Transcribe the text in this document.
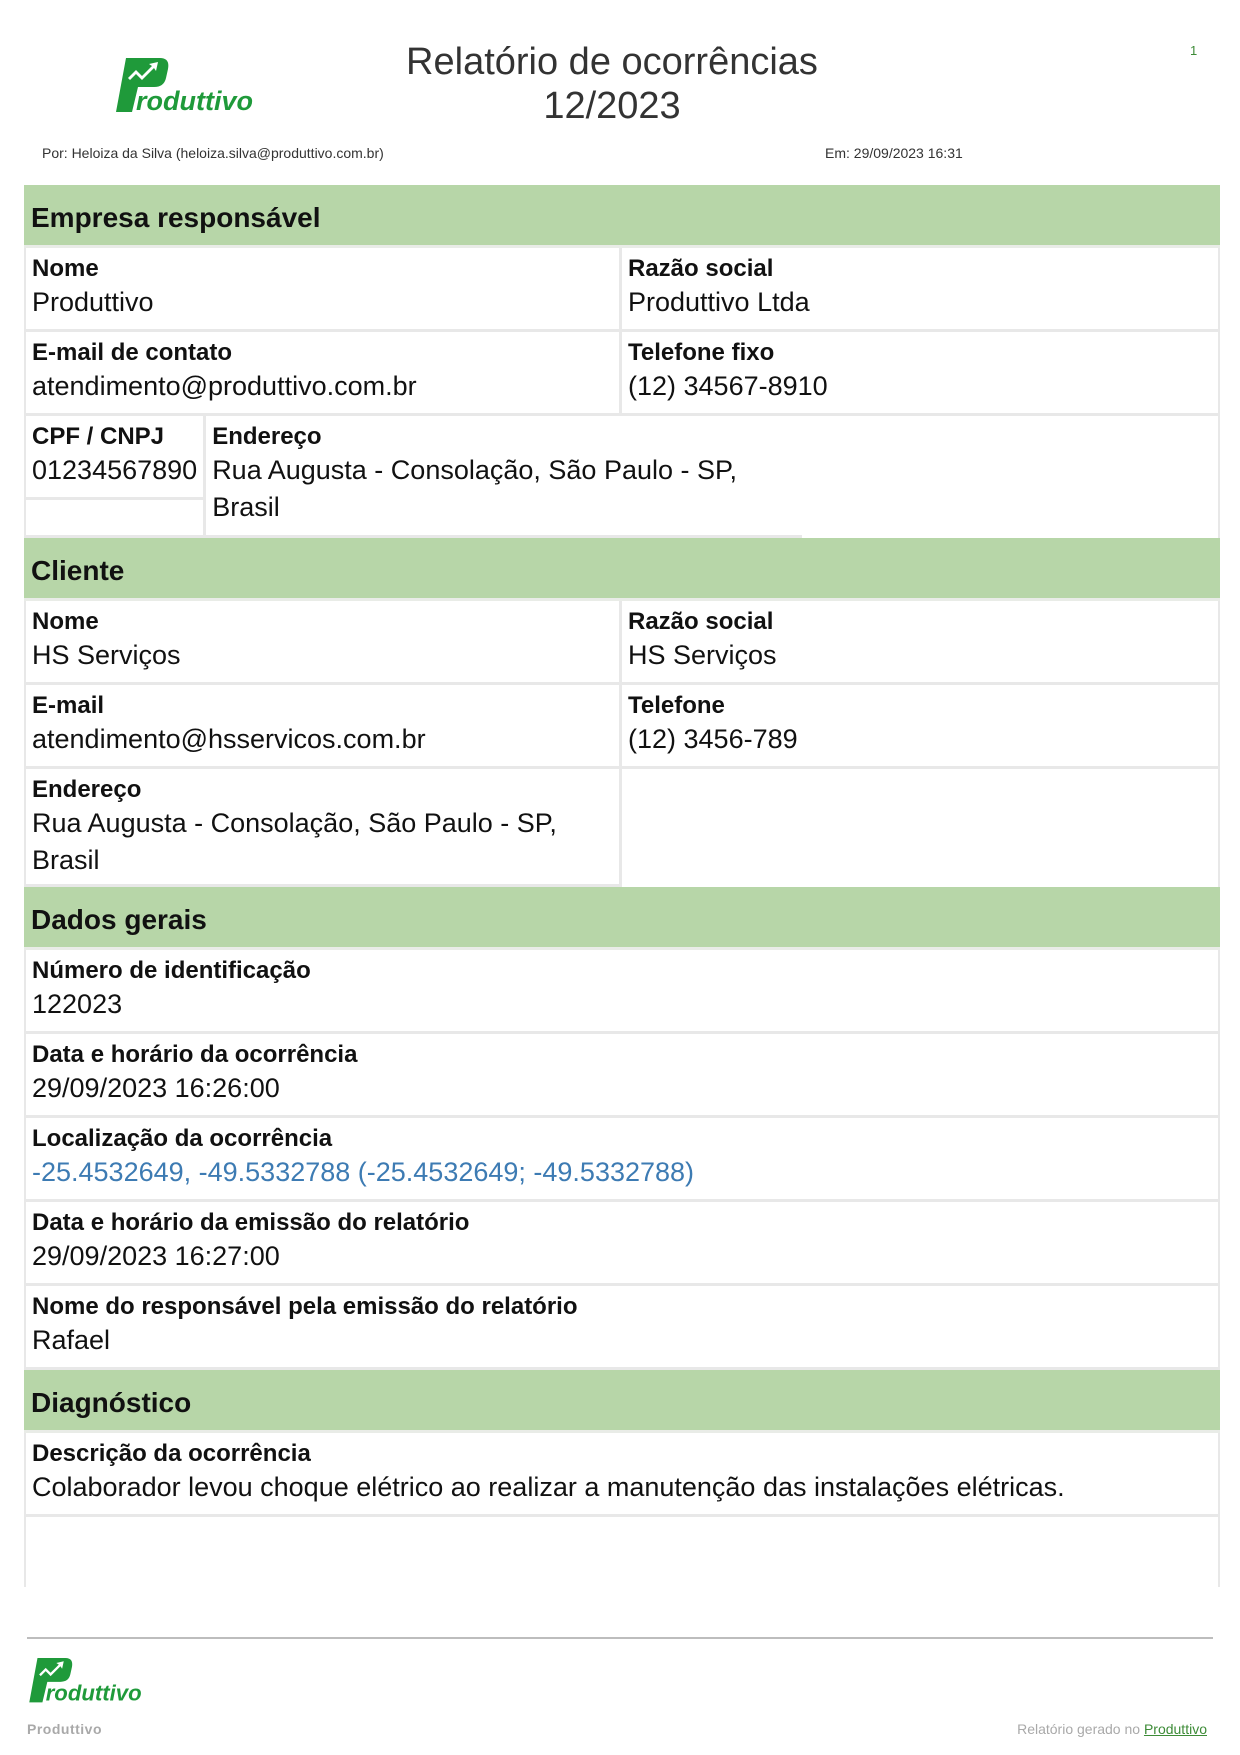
1
roduttivo
Relatório de ocorrências
12/2023
Por: Heloiza da Silva (heloiza.silva@produttivo.com.br)	Em: 29/09/2023 16:31
Empresa responsável
Nome
Produttivo
Razão social
Produttivo Ltda
E-mail de contato
atendimento@produttivo.com.br
Telefone fixo
(12) 34567-8910
CPF / CNPJ
01234567890
Endereço
Rua Augusta - Consolação, São Paulo - SP, Brasil
Cliente
Nome
HS Serviços
Razão social
HS Serviços
E-mail
atendimento@hsservicos.com.br
Telefone
(12) 3456-789
Endereço
Rua Augusta - Consolação, São Paulo - SP, Brasil
Dados gerais
Número de identificação
122023
Data e horário da ocorrência
29/09/2023 16:26:00
Localização da ocorrência
-25.4532649, -49.5332788 (-25.4532649; -49.5332788)
Data e horário da emissão do relatório
29/09/2023 16:27:00
Nome do responsável pela emissão do relatório
Rafael
Diagnóstico
Descrição da ocorrência
Colaborador levou choque elétrico ao realizar a manutenção das instalações elétricas.
roduttivo
Produttivo	Relatório gerado no Produttivo
